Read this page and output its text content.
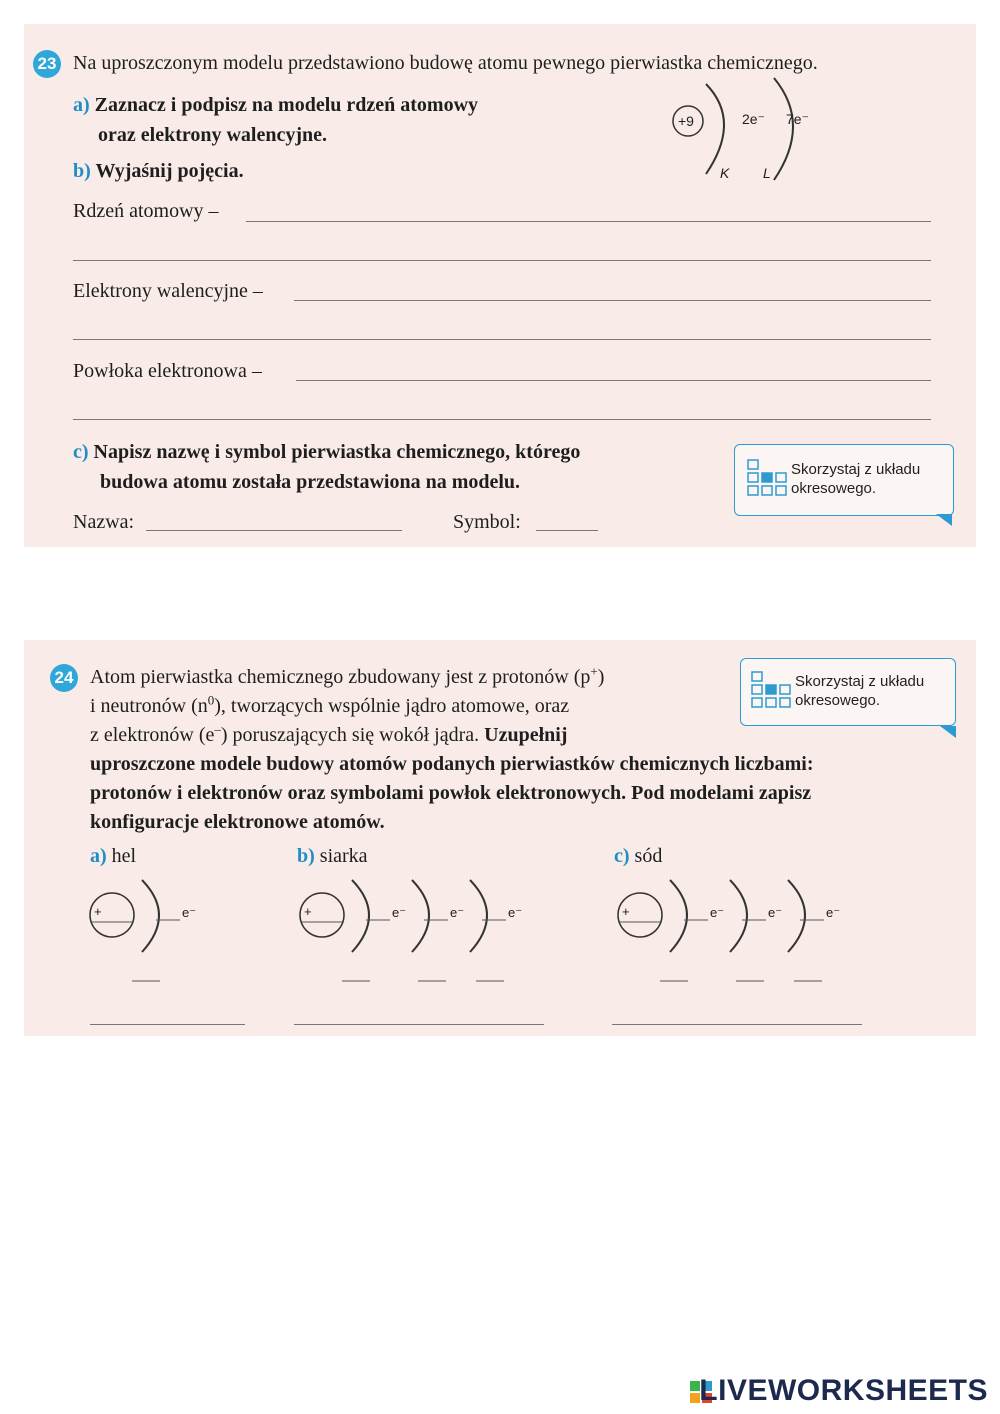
23 Na uproszczonym modelu przedstawiono budowę atomu pewnego pierwiastka chemicznego.
a) Zaznacz i podpisz na modelu rdzeń atomowy
oraz elektrony walencyjne.
b) Wyjaśnij pojęcia.
+9	2e⁻ 7e⁻
K L
Rdzeń atomowy –
Elektrony walencyjne –
Powłoka elektronowa –
c) Napisz nazwę i symbol pierwiastka chemicznego, którego
budowa atomu została przedstawiona na modelu.
Nazwa:	Symbol:
Skorzystaj z układu
okresowego.
24 Atom pierwiastka chemicznego zbudowany jest z protonów (p+)
i neutronów $(n^0)$, tworzących wspólnie jądro atomowe, oraz
z elektronów (e–) poruszających się wokół jądra. Uzupełnij
uproszczone modele budowy atomów podanych pierwiastków chemicznych liczbami:
protonów i elektronów oraz symbolami powłok elektronowych. Pod modelami zapisz
konfiguracje elektronowe atomów.
Skorzystaj z układu
okresowego.
a) hel	b) siarka	c) sód
+	e⁻	+	e⁻	e⁻	e⁻	+	e⁻	e⁻	e⁻
LIVEWORKSHEETS
